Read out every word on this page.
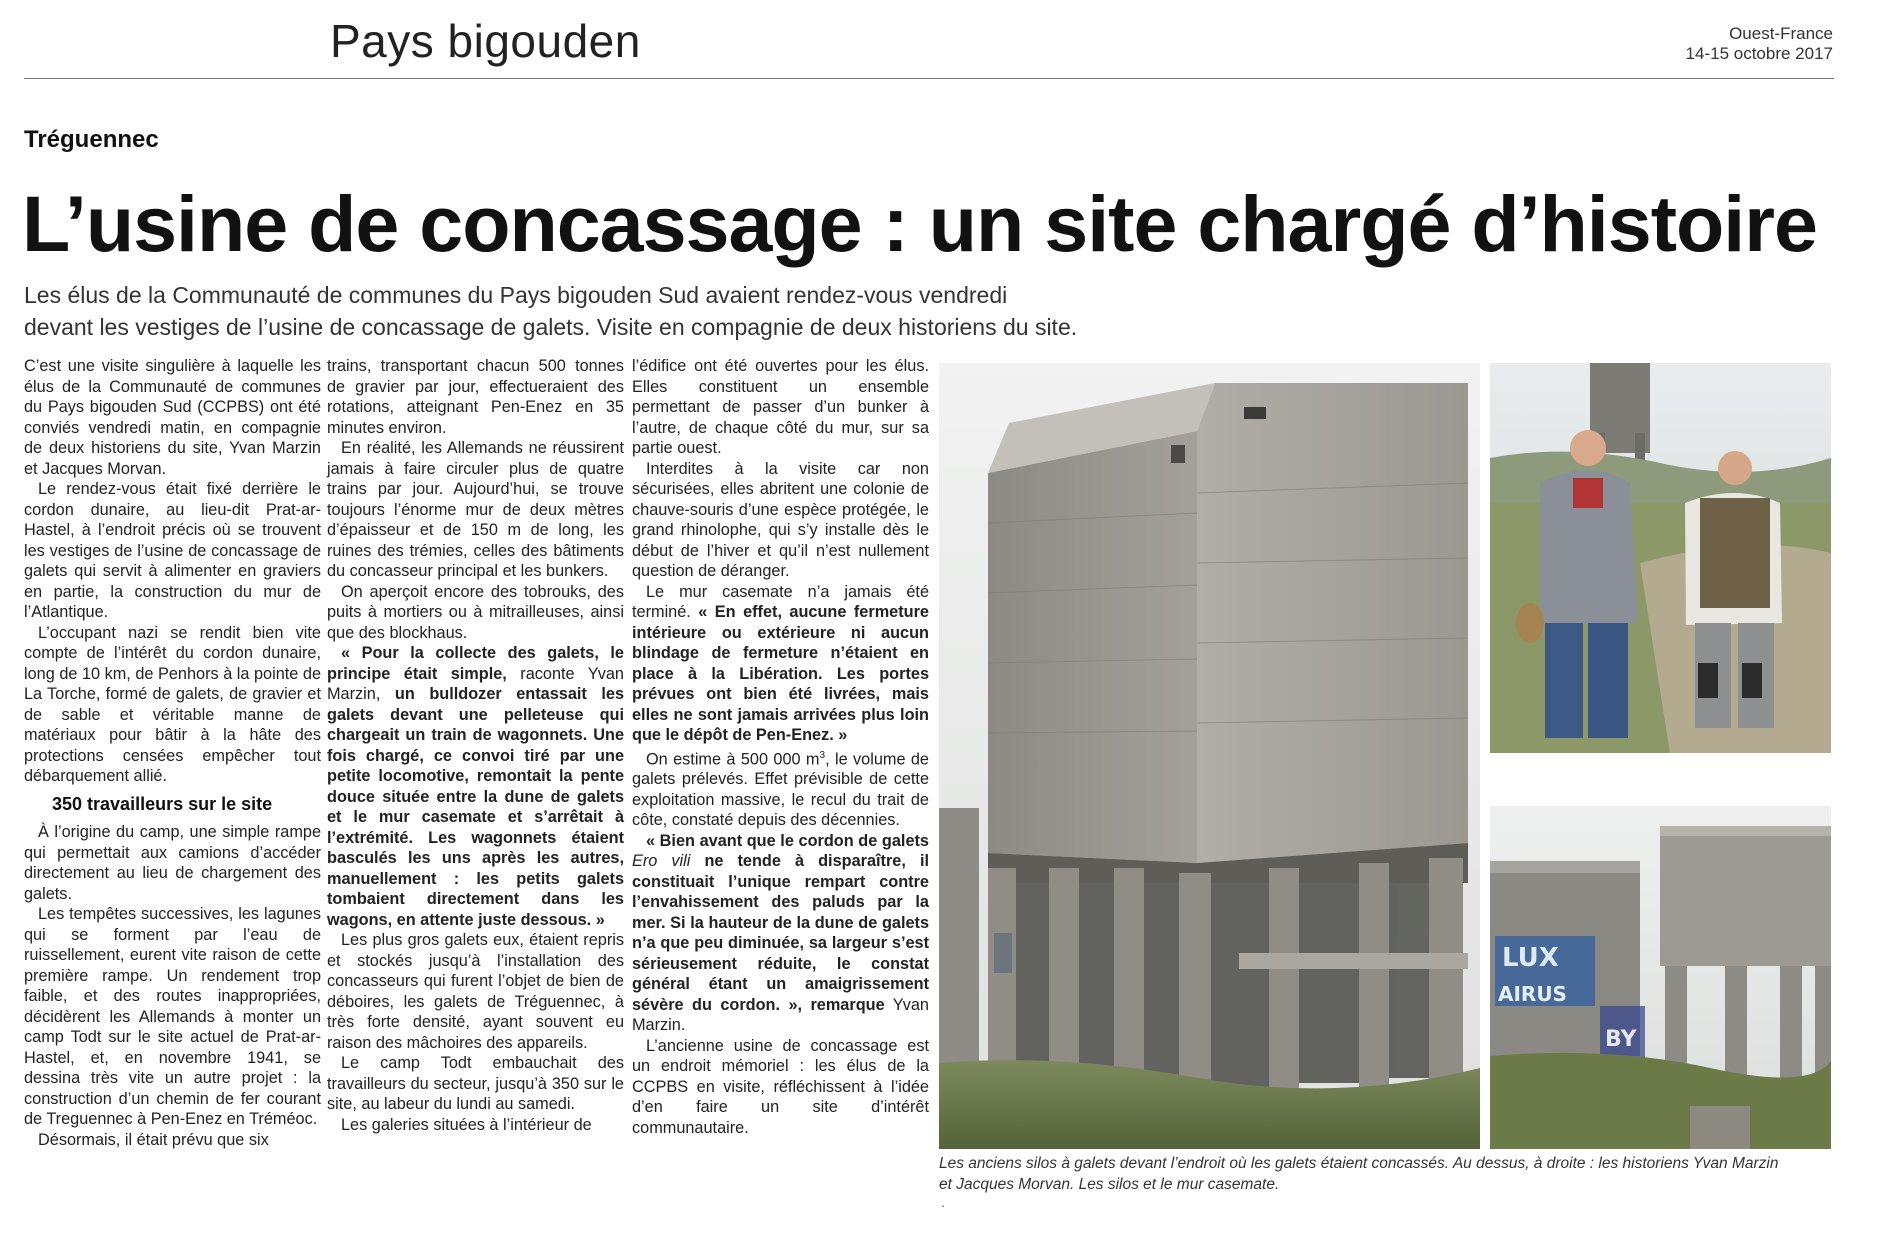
Pays bigouden	Ouest-France
14-15 octobre 2017
Tréguennec
L’usine de concassage : un site chargé d’histoire
Les élus de la Communauté de communes du Pays bigouden Sud avaient rendez-vous vendredi
devant les vestiges de l’usine de concassage de galets. Visite en compagnie de deux historiens du site.

C’est une visite singulière à laquelle les élus de la Communauté de communes du Pays bigouden Sud (CCPBS) ont été conviés vendredi matin, en compagnie de deux historiens du site, Yvan Marzin et Jacques Morvan.

Le rendez-vous était fixé derrière le cordon dunaire, au lieu-dit Prat-ar-Hastel, à l’endroit précis où se trouvent les vestiges de l’usine de concassage de galets qui servit à alimenter en graviers en partie, la construction du mur de l’Atlantique.

L’occupant nazi se rendit bien vite compte de l’intérêt du cordon dunaire, long de 10 km, de Penhors à la pointe de La Torche, formé de galets, de gravier et de sable et véritable manne de matériaux pour bâtir à la hâte des protections censées empêcher tout débarquement allié.

350 travailleurs sur le site

À l’origine du camp, une simple rampe qui permettait aux camions d’accéder directement au lieu de chargement des galets.

Les tempêtes successives, les lagunes qui se forment par l’eau de ruissellement, eurent vite raison de cette première rampe. Un rendement trop faible, et des routes inappropriées, décidèrent les Allemands à monter un camp Todt sur le site actuel de Prat-ar-Hastel, et, en novembre 1941, se dessina très vite un autre projet : la construction d’un chemin de fer courant de Treguennec à Pen-Enez en Tréméoc.

Désormais, il était prévu que six

trains, transportant chacun 500 tonnes de gravier par jour, effectueraient des rotations, atteignant Pen-Enez en 35 minutes environ.

En réalité, les Allemands ne réussirent jamais à faire circuler plus de quatre trains par jour. Aujourd’hui, se trouve toujours l’énorme mur de deux mètres d’épaisseur et de 150 m de long, les ruines des trémies, celles des bâtiments du concasseur principal et les bunkers.

On aperçoit encore des tobrouks, des puits à mortiers ou à mitrailleuses, ainsi que des blockhaus.

« Pour la collecte des galets, le principe était simple, raconte Yvan Marzin, un bulldozer entassait les galets devant une pelleteuse qui chargeait un train de wagonnets. Une fois chargé, ce convoi tiré par une petite locomotive, remontait la pente douce située entre la dune de galets et le mur casemate et s’arrêtait à l’extrémité. Les wagonnets étaient basculés les uns après les autres, manuellement : les petits galets tombaient directement dans les wagons, en attente juste dessous. »

Les plus gros galets eux, étaient repris et stockés jusqu’à l’installation des concasseurs qui furent l’objet de bien de déboires, les galets de Tréguennec, à très forte densité, ayant souvent eu raison des mâchoires des appareils.

Le camp Todt embauchait des travailleurs du secteur, jusqu’à 350 sur le site, au labeur du lundi au samedi.

Les galeries situées à l’intérieur de

l’édifice ont été ouvertes pour les élus. Elles constituent un ensemble permettant de passer d’un bunker à l’autre, de chaque côté du mur, sur sa partie ouest.

Interdites à la visite car non sécurisées, elles abritent une colonie de chauve-souris d’une espèce protégée, le grand rhinolophe, qui s’y installe dès le début de l’hiver et qu’il n’est nullement question de déranger.

Le mur casemate n’a jamais été terminé. « En effet, aucune fermeture intérieure ou extérieure ni aucun blindage de fermeture n’étaient en place à la Libération. Les portes prévues ont bien été livrées, mais elles ne sont jamais arrivées plus loin que le dépôt de Pen-Enez. »

On estime à 500 000 $m^3$, le volume de galets prélevés. Effet prévisible de cette exploitation massive, le recul du trait de côte, constaté depuis des décennies.

« Bien avant que le cordon de galets Ero vili ne tende à disparaître, il constituait l’unique rempart contre l’envahissement des paluds par la mer. Si la hauteur de la dune de galets n’a que peu diminuée, sa largeur s’est sérieusement réduite, le constat général étant un amaigrissement sévère du cordon. », remarque Yvan Marzin.

L’ancienne usine de concassage est un endroit mémoriel : les élus de la CCPBS en visite, réfléchissent à l’idée d’en faire un site d’intérêt communautaire.

LUX
AIRUS
BY
Les anciens silos à galets devant l’endroit où les galets étaient concassés. Au dessus, à droite : les historiens Yvan Marzin
et Jacques Morvan. Les silos et le mur casemate.
.
